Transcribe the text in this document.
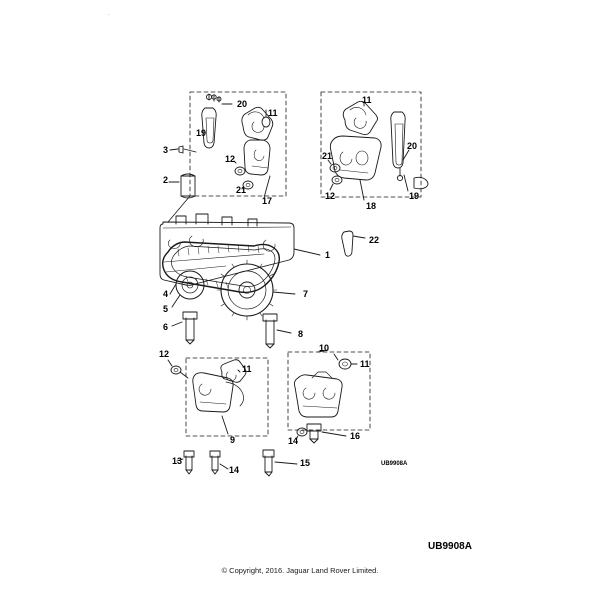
20
11
19
3
12
2
21
17
11
21
20
12
18
19
22
1
7
4
5
6
8
12
10
11	11
9	14	16
13
14
15	UB9908A
UB9908A
© Copyright, 2016. Jaguar Land Rover Limited.
·
